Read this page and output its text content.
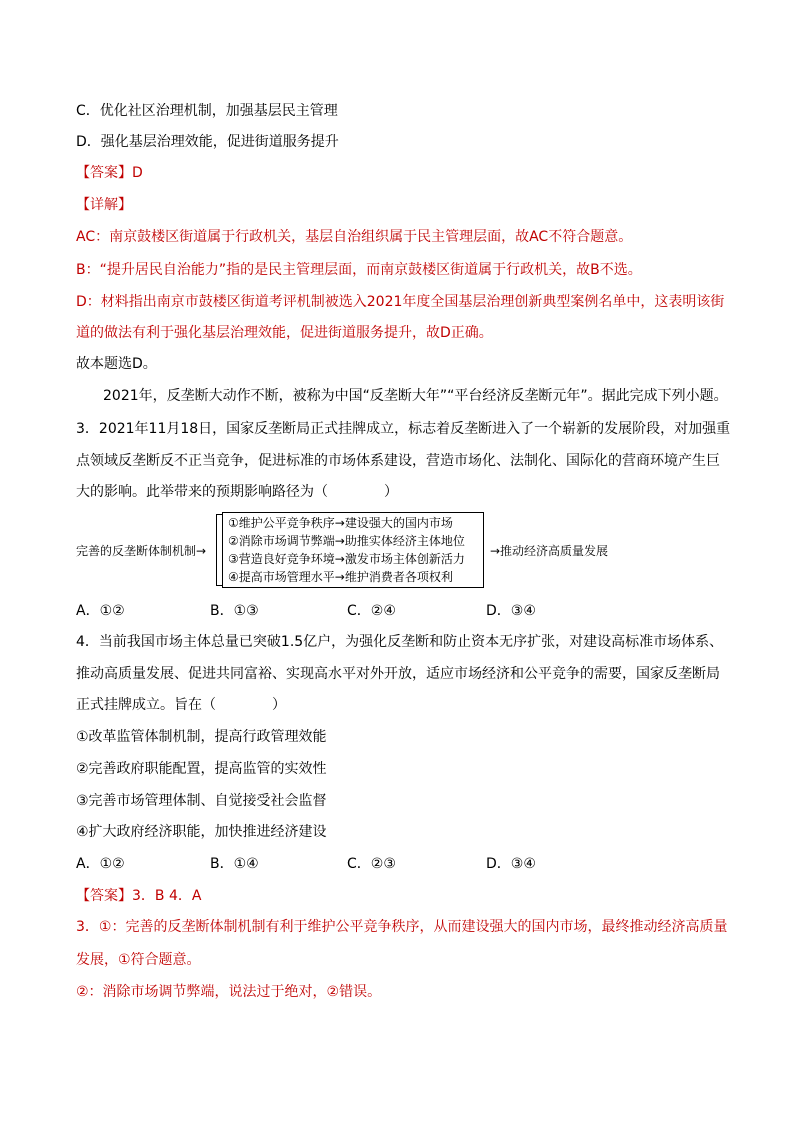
C．优化社区治理机制，加强基层民主管理
D．强化基层治理效能，促进街道服务提升
【答案】D
【详解】
AC：南京鼓楼区街道属于行政机关，基层自治组织属于民主管理层面，故AC不符合题意。
B：“提升居民自治能力”指的是民主管理层面，而南京鼓楼区街道属于行政机关，故B不选。
D：材料指出南京市鼓楼区街道考评机制被选入2021年度全国基层治理创新典型案例名单中，这表明该街
道的做法有利于强化基层治理效能，促进街道服务提升，故D正确。
故本题选D。
2021年，反垄断大动作不断，被称为中国“反垄断大年”“平台经济反垄断元年”。据此完成下列小题。
3．2021年11月18日，国家反垄断局正式挂牌成立，标志着反垄断进入了一个崭新的发展阶段，对加强重
点领域反垄断反不正当竞争，促进标准的市场体系建设，营造市场化、法制化、国际化的营商环境产生巨
大的影响。此举带来的预期影响路径为（　　　　）
完善的反垄断体制机制→
①维护公平竞争秩序→建设强大的国内市场
②消除市场调节弊端→助推实体经济主体地位
③营造良好竞争环境→激发市场主体创新活力
④提高市场管理水平→维护消费者各项权利
→推动经济高质量发展
A．①②	B．①③	C．②④	D．③④
4．当前我国市场主体总量已突破1.5亿户，为强化反垄断和防止资本无序扩张，对建设高标准市场体系、
推动高质量发展、促进共同富裕、实现高水平对外开放，适应市场经济和公平竞争的需要，国家反垄断局
正式挂牌成立。旨在（　　　　）
①改革监管体制机制，提高行政管理效能
②完善政府职能配置，提高监管的实效性
③完善市场管理体制、自觉接受社会监督
④扩大政府经济职能，加快推进经济建设
A．①②	B．①④	C．②③	D．③④
【答案】3．B 4．A
3．①：完善的反垄断体制机制有利于维护公平竞争秩序，从而建设强大的国内市场，最终推动经济高质量
发展，①符合题意。
②：消除市场调节弊端，说法过于绝对，②错误。
